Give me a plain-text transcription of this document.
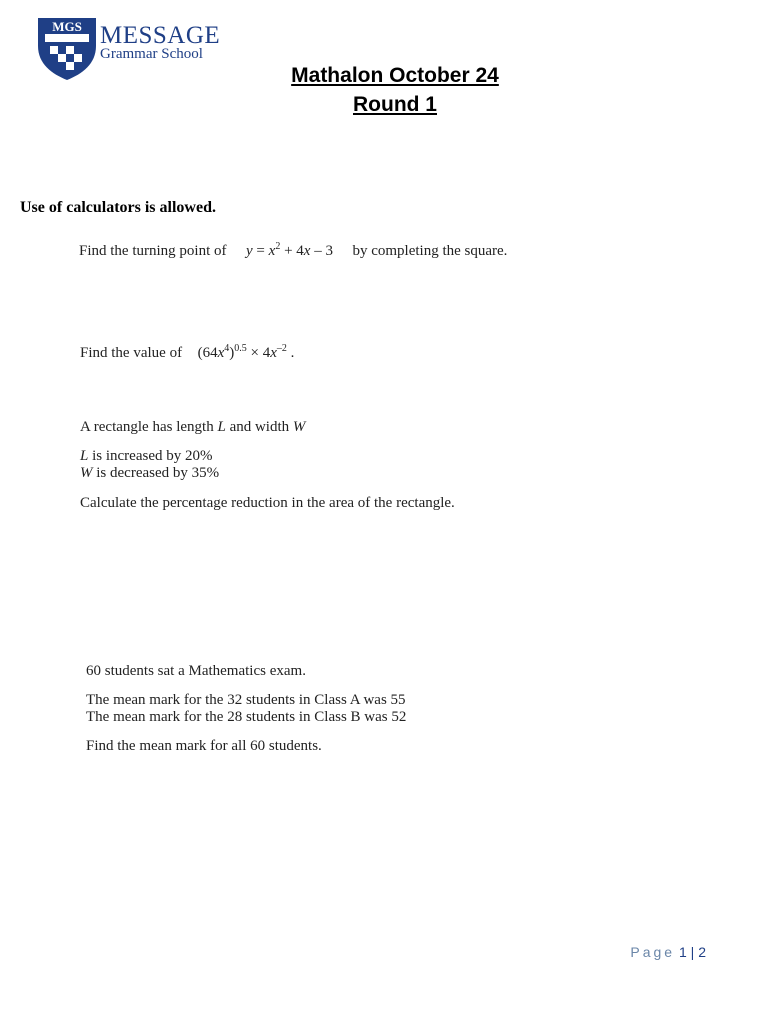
MGS MESSAGE
Grammar School
Mathalon October 24
Round 1
Use of calculators is allowed.
Find the turning point of $y = x^2 + 4x - 3$ by completing the square.
Find the value of $(64x^4)^{0.5} \times 4x^{-2}$ .
A rectangle has length L and width W
L is increased by 20%
W is decreased by 35%
Calculate the percentage reduction in the area of the rectangle.
60 students sat a Mathematics exam.
The mean mark for the 32 students in Class A was 55
The mean mark for the 28 students in Class B was 52
Find the mean mark for all 60 students.
Page 1 | 2
